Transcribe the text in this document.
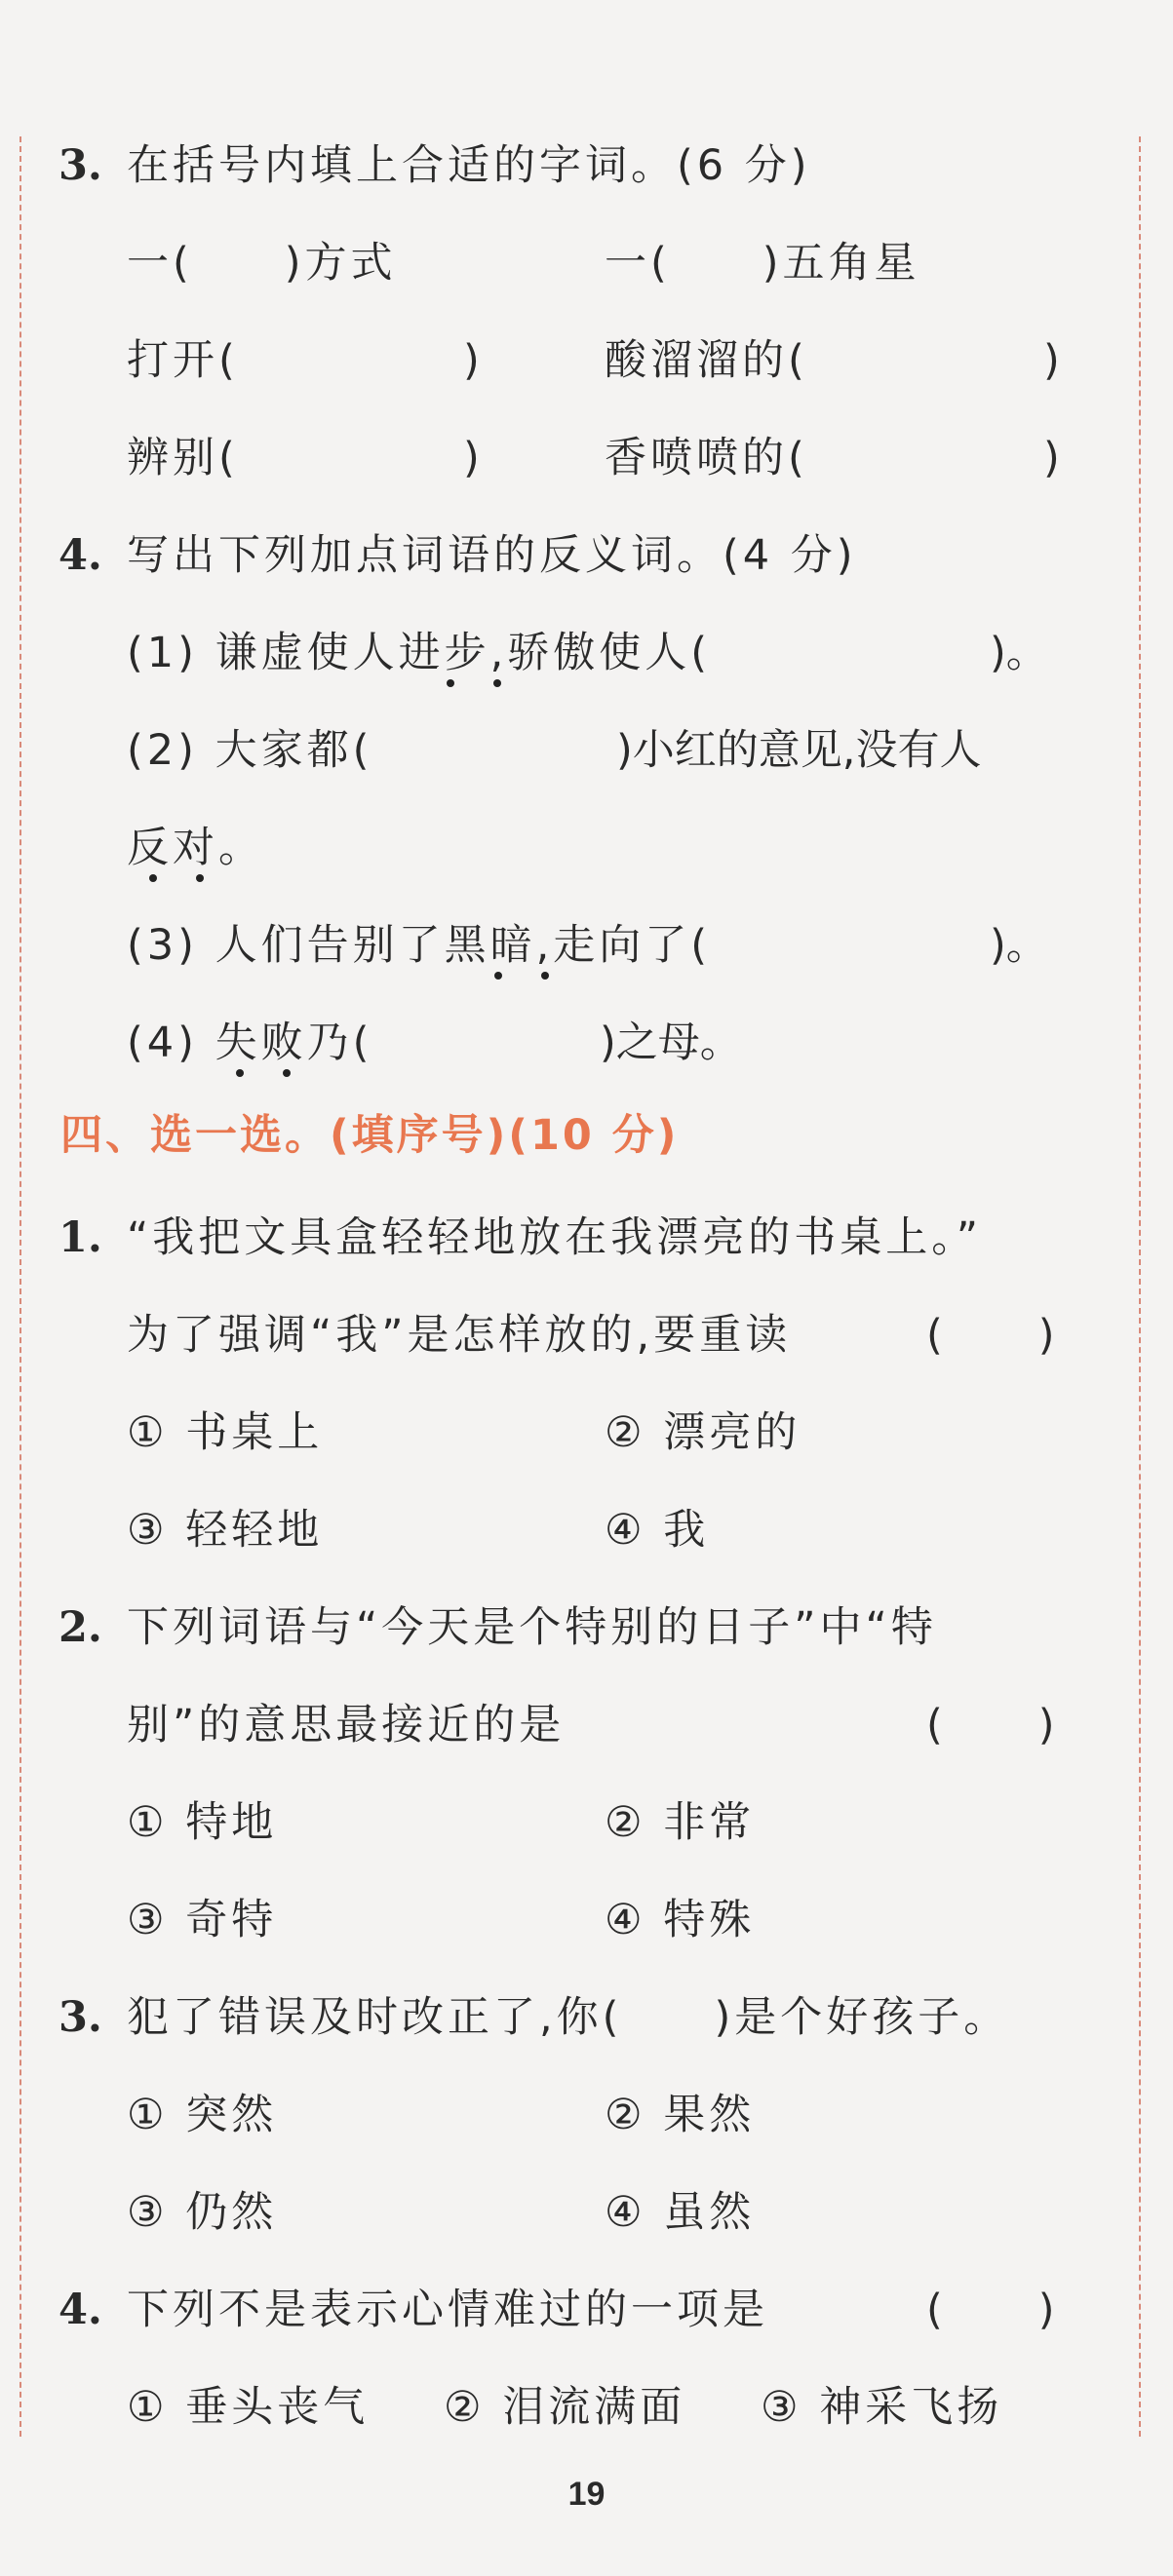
3. 在括号内填上合适的字词。(6 分)
一(　　)方式	一(　　)五角星
打开(	)	酸溜溜的(	)
辨别(	)	香喷喷的(	)
4. 写出下列加点词语的反义词。(4 分)
(1) 谦虚使人进步,骄傲使人(	)。
(2) 大家都(	)小红的意见,没有人
反对。
(3) 人们告别了黑暗,走向了(	)。
(4) 失败乃(	)之母。
四、选一选。(填序号)(10 分)
1. “我把文具盒轻轻地放在我漂亮的书桌上。”
为了强调“我”是怎样放的,要重读	(　　)
① 书桌上	② 漂亮的
③ 轻轻地	④ 我
2. 下列词语与“今天是个特别的日子”中“特
别”的意思最接近的是	(　　)
① 特地	② 非常
③ 奇特	④ 特殊
3. 犯了错误及时改正了,你(　　)是个好孩子。
① 突然	② 果然
③ 仍然	④ 虽然
4. 下列不是表示心情难过的一项是	(　　)
① 垂头丧气 ② 泪流满面 ③ 神采飞扬
19
